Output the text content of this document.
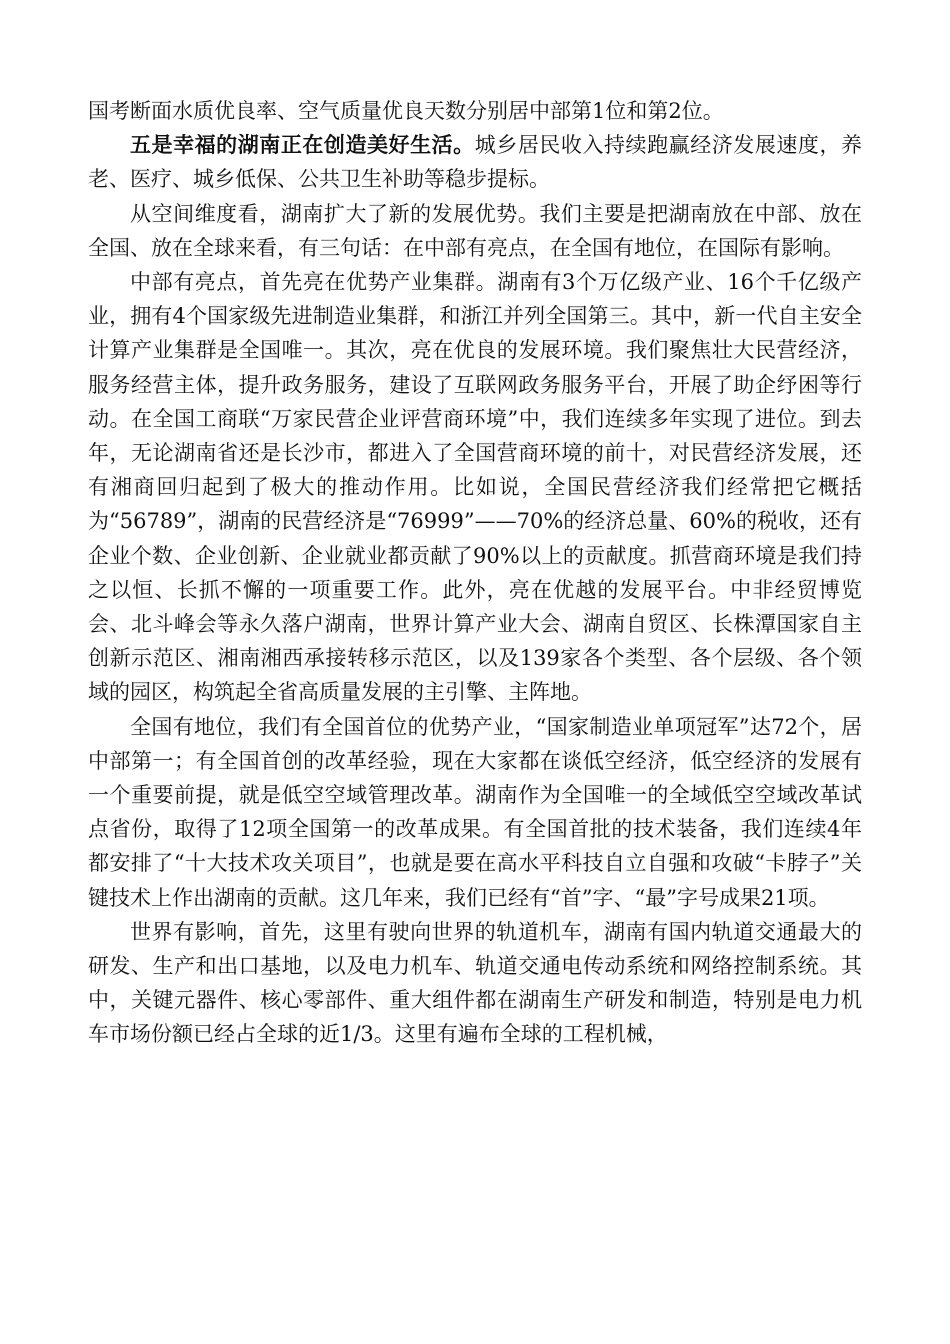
国考断面水质优良率、空气质量优良天数分别居中部第1位和第2位。

五是幸福的湖南正在创造美好生活。城乡居民收入持续跑赢经济发展速度，养老、医疗、城乡低保、公共卫生补助等稳步提标。

从空间维度看，湖南扩大了新的发展优势。我们主要是把湖南放在中部、放在全国、放在全球来看，有三句话：在中部有亮点，在全国有地位，在国际有影响。

中部有亮点，首先亮在优势产业集群。湖南有3个万亿级产业、16个千亿级产业，拥有4个国家级先进制造业集群，和浙江并列全国第三。其中，新一代自主安全计算产业集群是全国唯一。其次，亮在优良的发展环境。我们聚焦壮大民营经济，服务经营主体，提升政务服务，建设了互联网政务服务平台，开展了助企纾困等行动。在全国工商联“万家民营企业评营商环境”中，我们连续多年实现了进位。到去年，无论湖南省还是长沙市，都进入了全国营商环境的前十，对民营经济发展，还有湘商回归起到了极大的推动作用。比如说，全国民营经济我们经常把它概括为“56789”，湖南的民营经济是“76999”——70%的经济总量、60%的税收，还有企业个数、企业创新、企业就业都贡献了90%以上的贡献度。抓营商环境是我们持之以恒、长抓不懈的一项重要工作。此外，亮在优越的发展平台。中非经贸博览会、北斗峰会等永久落户湖南，世界计算产业大会、湖南自贸区、长株潭国家自主创新示范区、湘南湘西承接转移示范区，以及139家各个类型、各个层级、各个领域的园区，构筑起全省高质量发展的主引擎、主阵地。

全国有地位，我们有全国首位的优势产业，“国家制造业单项冠军”达72个，居中部第一；有全国首创的改革经验，现在大家都在谈低空经济，低空经济的发展有一个重要前提，就是低空空域管理改革。湖南作为全国唯一的全域低空空域改革试点省份，取得了12项全国第一的改革成果。有全国首批的技术装备，我们连续4年都安排了“十大技术攻关项目”，也就是要在高水平科技自立自强和攻破“卡脖子”关键技术上作出湖南的贡献。这几年来，我们已经有“首”字、“最”字号成果21项。

世界有影响，首先，这里有驶向世界的轨道机车，湖南有国内轨道交通最大的研发、生产和出口基地，以及电力机车、轨道交通电传动系统和网络控制系统。其中，关键元器件、核心零部件、重大组件都在湖南生产研发和制造，特别是电力机车市场份额已经占全球的近1/3。这里有遍布全球的工程机械，
